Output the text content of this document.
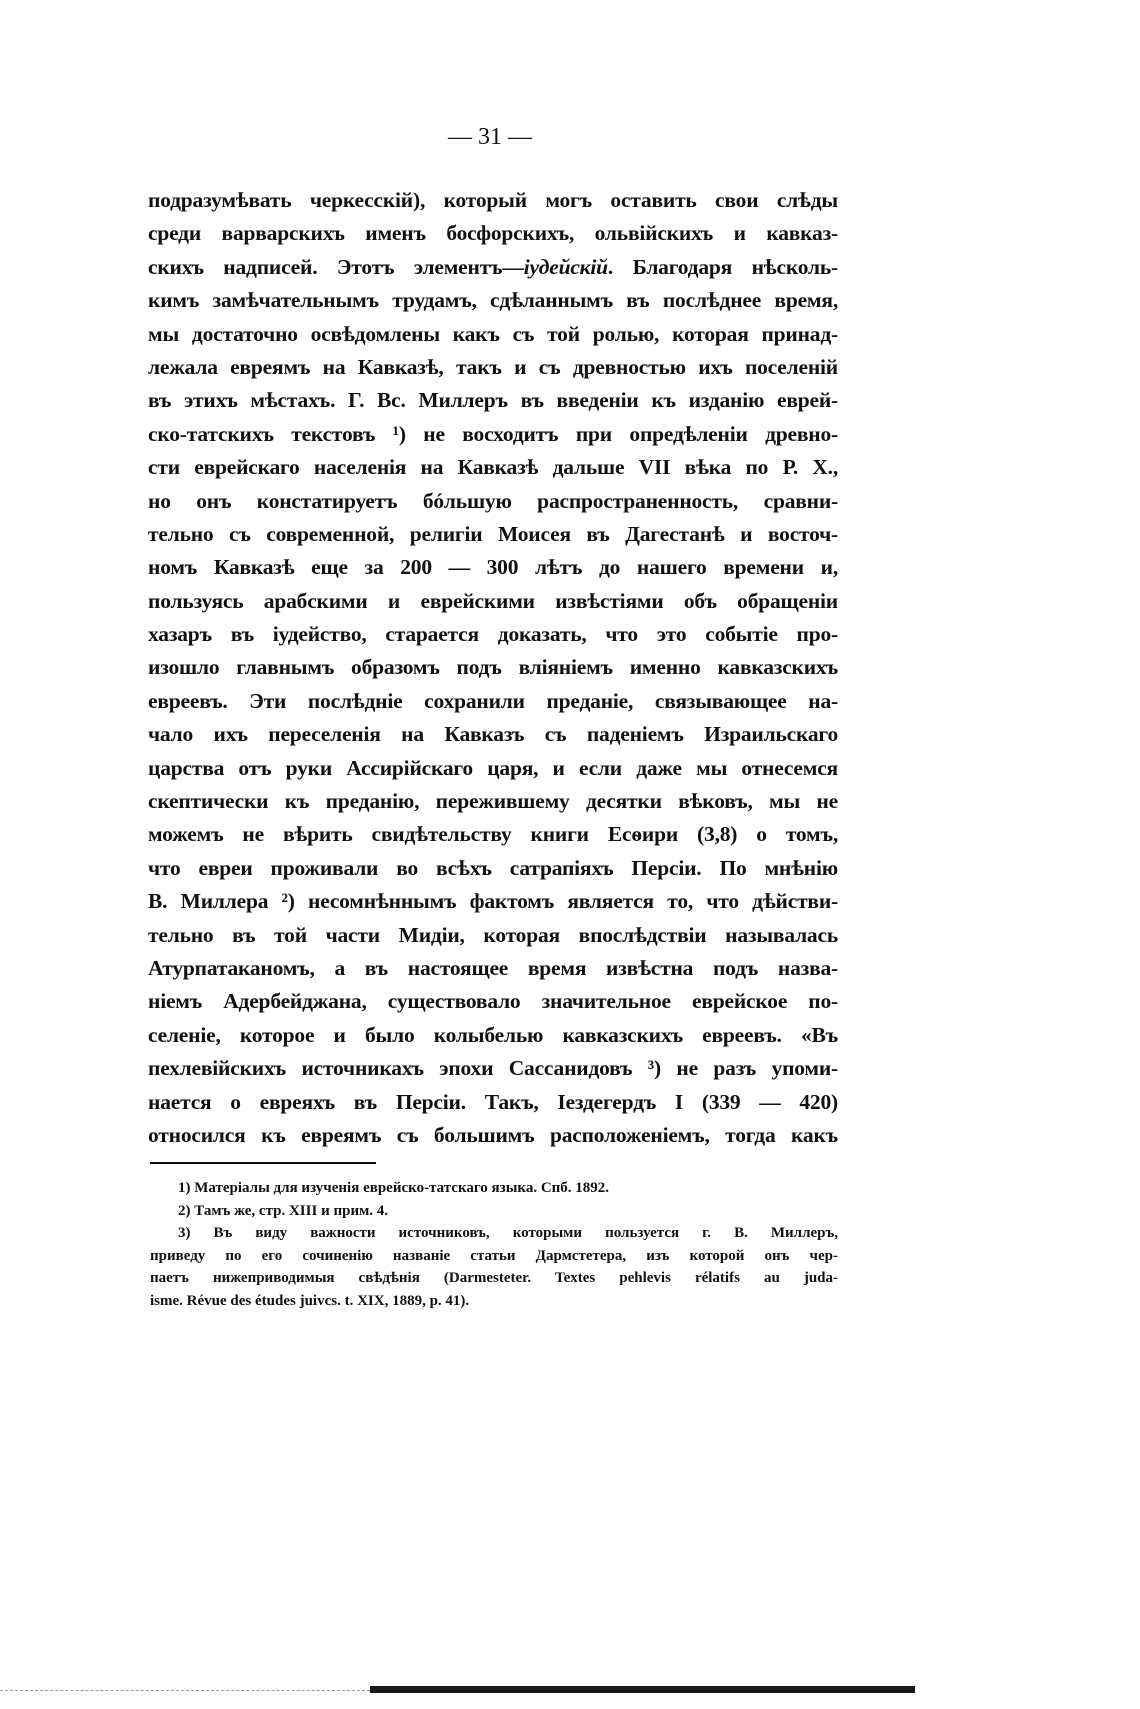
— 31 —
подразумѣвать черкесскій), который могъ оставить свои слѣды
среди варварскихъ именъ босфорскихъ, ольвійскихъ и кавказ-
скихъ надписей. Этотъ элементъ—іудейскій. Благодаря нѣсколь-
кимъ замѣчательнымъ трудамъ, сдѣланнымъ въ послѣднее время,
мы достаточно освѣдомлены какъ съ той ролью, которая принад-
лежала евреямъ на Кавказѣ, такъ и съ древностью ихъ поселеній
въ этихъ мѣстахъ. Г. Вс. Миллеръ въ введеніи къ изданію еврей-
ско-татскихъ текстовъ ¹) не восходитъ при опредѣленіи древно-
сти еврейскаго населенія на Кавказѣ дальше VII вѣка по Р. Х.,
но онъ констатируетъ бóльшую распространенность, сравни-
тельно съ современной, религіи Моисея въ Дагестанѣ и восточ-
номъ Кавказѣ еще за 200 — 300 лѣтъ до нашего времени и,
пользуясь арабскими и еврейскими извѣстіями объ обращеніи
хазаръ въ іудейство, старается доказать, что это событіе про-
изошло главнымъ образомъ подъ вліяніемъ именно кавказскихъ
евреевъ. Эти послѣдніе сохранили преданіе, связывающее на-
чало ихъ переселенія на Кавказъ съ паденіемъ Израильскаго
царства отъ руки Ассирійскаго царя, и если даже мы отнесемся
скептически къ преданію, пережившему десятки вѣковъ, мы не
можемъ не вѣрить свидѣтельству книги Есѳири (3,8) о томъ,
что евреи проживали во всѣхъ сатрапіяхъ Персіи. По мнѣнію
В. Миллера ²) несомнѣннымъ фактомъ является то, что дѣйстви-
тельно въ той части Мидіи, которая впослѣдствіи называлась
Атурпатаканомъ, а въ настоящее время извѣстна подъ назва-
ніемъ Адербейджана, существовало значительное еврейское по-
селеніе, которое и было колыбелью кавказскихъ евреевъ. «Въ
пехлевійскихъ источникахъ эпохи Сассанидовъ ³) не разъ упоми-
нается о евреяхъ въ Персіи. Такъ, Іездегердъ I (339 — 420)
относился къ евреямъ съ большимъ расположеніемъ, тогда какъ
1) Матеріалы для изученія еврейско-татскаго языка. Спб. 1892.
2) Тамъ же, стр. XIII и прим. 4.
3) Въ виду важности источниковъ, которыми пользуется г. В. Миллеръ,
приведу по его сочиненію названіе статьи Дармстетера, изъ которой онъ чер-
паетъ нижеприводимыя свѣдѣнія (Darmesteter. Textes pehlevis rélatifs au juda-
isme. Révue des études juivcs. t. XIX, 1889, p. 41).
